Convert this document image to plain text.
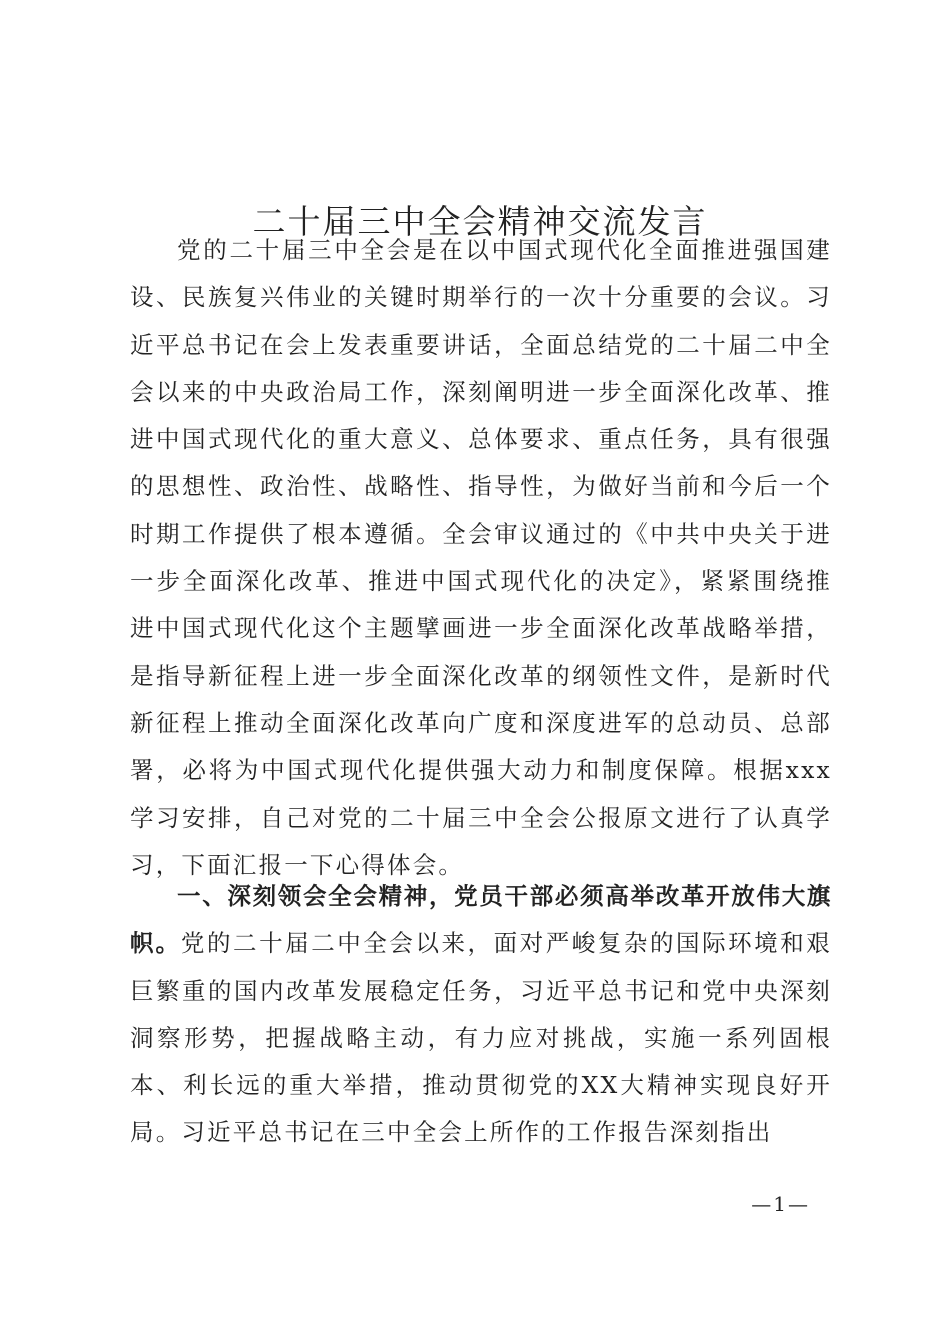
二十届三中全会精神交流发言

党的二十届三中全会是在以中国式现代化全面推进强国建设、民族复兴伟业的关键时期举行的一次十分重要的会议。习近平总书记在会上发表重要讲话，全面总结党的二十届二中全会以来的中央政治局工作，深刻阐明进一步全面深化改革、推进中国式现代化的重大意义、总体要求、重点任务，具有很强的思想性、政治性、战略性、指导性，为做好当前和今后一个时期工作提供了根本遵循。全会审议通过的《中共中央关于进一步全面深化改革、推进中国式现代化的决定》，紧紧围绕推进中国式现代化这个主题擘画进一步全面深化改革战略举措，是指导新征程上进一步全面深化改革的纲领性文件，是新时代新征程上推动全面深化改革向广度和深度进军的总动员、总部署，必将为中国式现代化提供强大动力和制度保障。根据xxx学习安排，自己对党的二十届三中全会公报原文进行了认真学习，下面汇报一下心得体会。

一、深刻领会全会精神，党员干部必须高举改革开放伟大旗帜。党的二十届二中全会以来，面对严峻复杂的国际环境和艰巨繁重的国内改革发展稳定任务，习近平总书记和党中央深刻洞察形势，把握战略主动，有力应对挑战，实施一系列固根本、利长远的重大举措，推动贯彻党的XX大精神实现良好开局。习近平总书记在三中全会上所作的工作报告深刻指出

—1—
